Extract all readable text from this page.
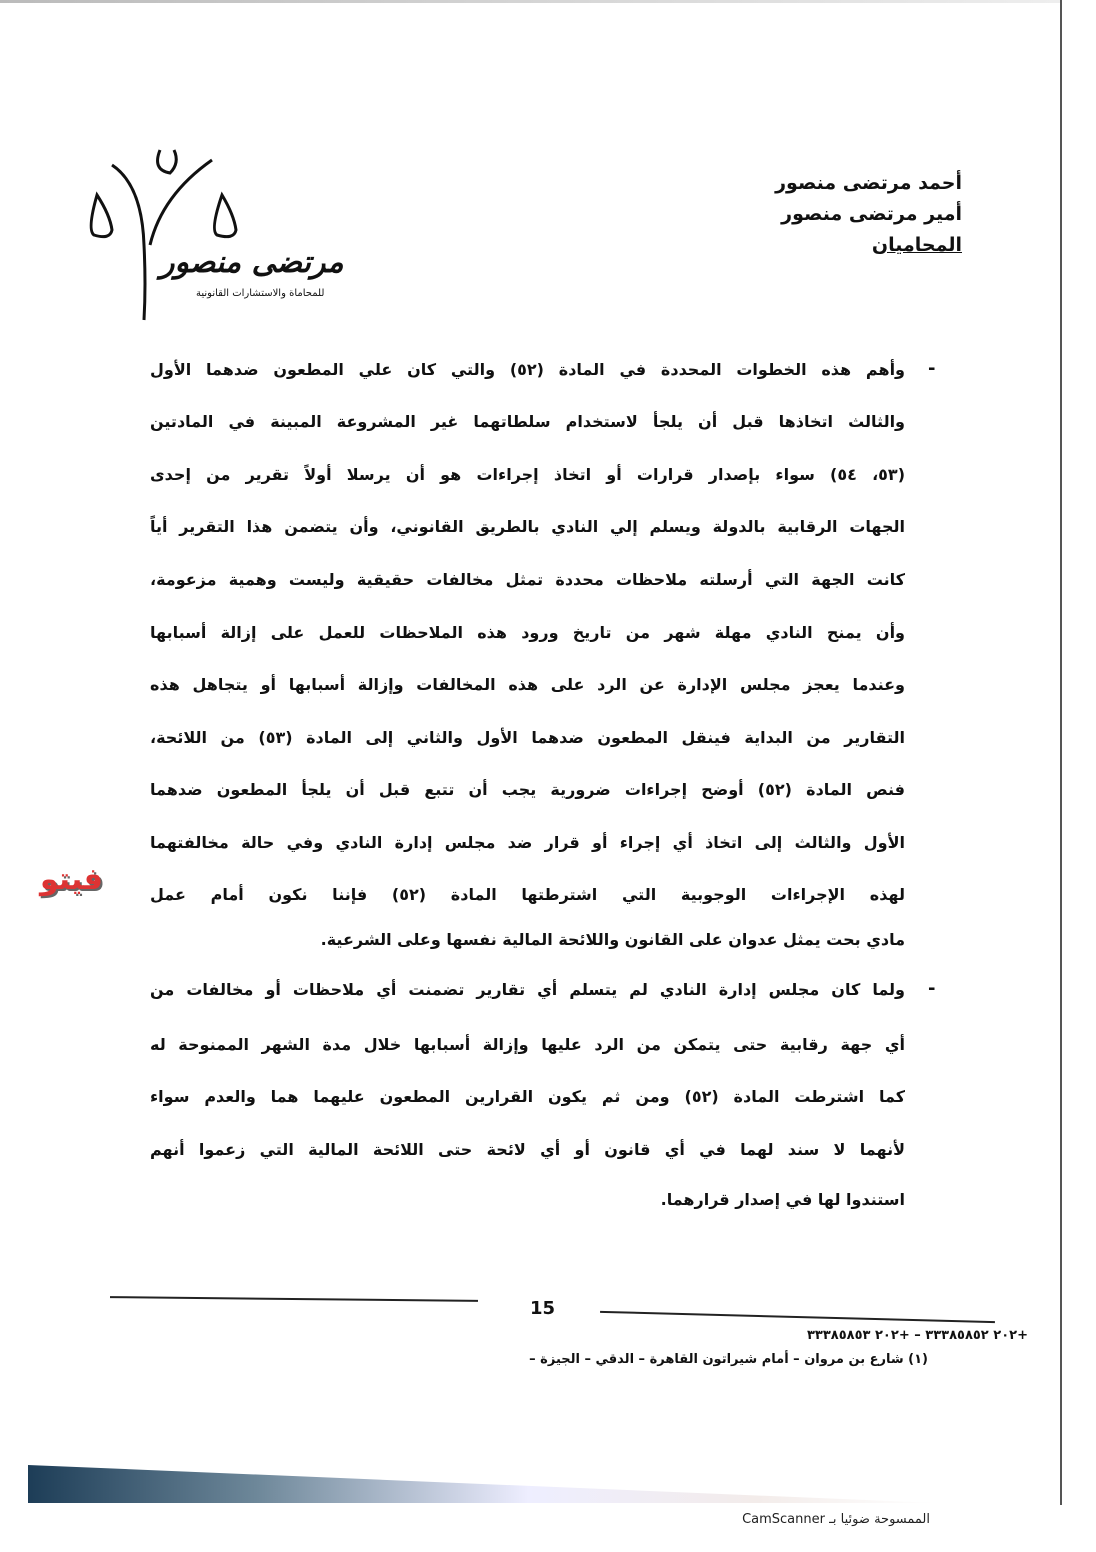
مرتضى منصور
للمحاماة والاستشارات القانونية
أحمد مرتضى منصور
أمير مرتضى منصور
المحاميان
-
وأهم هذه الخطوات المحددة في المادة (٥٢) والتي كان علي المطعون ضدهما الأول
والثالث اتخاذها قبل أن يلجأ لاستخدام سلطاتهما غير المشروعة المبينة في المادتين
(٥٣، ٥٤) سواء بإصدار قرارات أو اتخاذ إجراءات هو أن يرسلا أولاً تقرير من إحدى
الجهات الرقابية بالدولة ويسلم إلي النادي بالطريق القانوني، وأن يتضمن هذا التقرير أياً
كانت الجهة التي أرسلته ملاحظات محددة تمثل مخالفات حقيقية وليست وهمية مزعومة،
وأن يمنح النادي مهلة شهر من تاريخ ورود هذه الملاحظات للعمل على إزالة أسبابها
وعندما يعجز مجلس الإدارة عن الرد على هذه المخالفات وإزالة أسبابها أو يتجاهل هذه
التقارير من البداية فينقل المطعون ضدهما الأول والثاني إلى المادة (٥٣) من اللائحة،
فنص المادة (٥٢) أوضح إجراءات ضرورية يجب أن تتبع قبل أن يلجأ المطعون ضدهما
الأول والثالث إلى اتخاذ أي إجراء أو قرار ضد مجلس إدارة النادي وفي حالة مخالفتهما
لهذه الإجراءات الوجوبية التي اشترطتها المادة (٥٢) فإننا نكون أمام عمل
مادي بحت يمثل عدوان على القانون واللائحة المالية نفسها وعلى الشرعية.
-
ولما كان مجلس إدارة النادي لم يتسلم أي تقارير تضمنت أي ملاحظات أو مخالفات من
أي جهة رقابية حتى يتمكن من الرد عليها وإزالة أسبابها خلال مدة الشهر الممنوحة له
كما اشترطت المادة (٥٢) ومن ثم يكون القرارين المطعون عليهما هما والعدم سواء
لأنهما لا سند لهما في أي قانون أو أي لائحة حتى اللائحة المالية التي زعموا أنهم
استندوا لها في إصدار قرارهما.
فيتو
15
+٢٠٢ ٣٣٣٨٥٨٥٢ – +٢٠٢ ٣٣٣٨٥٨٥٣
(١) شارع بن مروان – أمام شيراتون القاهرة – الدقي – الجيزة –
الممسوحة ضوئيا بـ CamScanner
